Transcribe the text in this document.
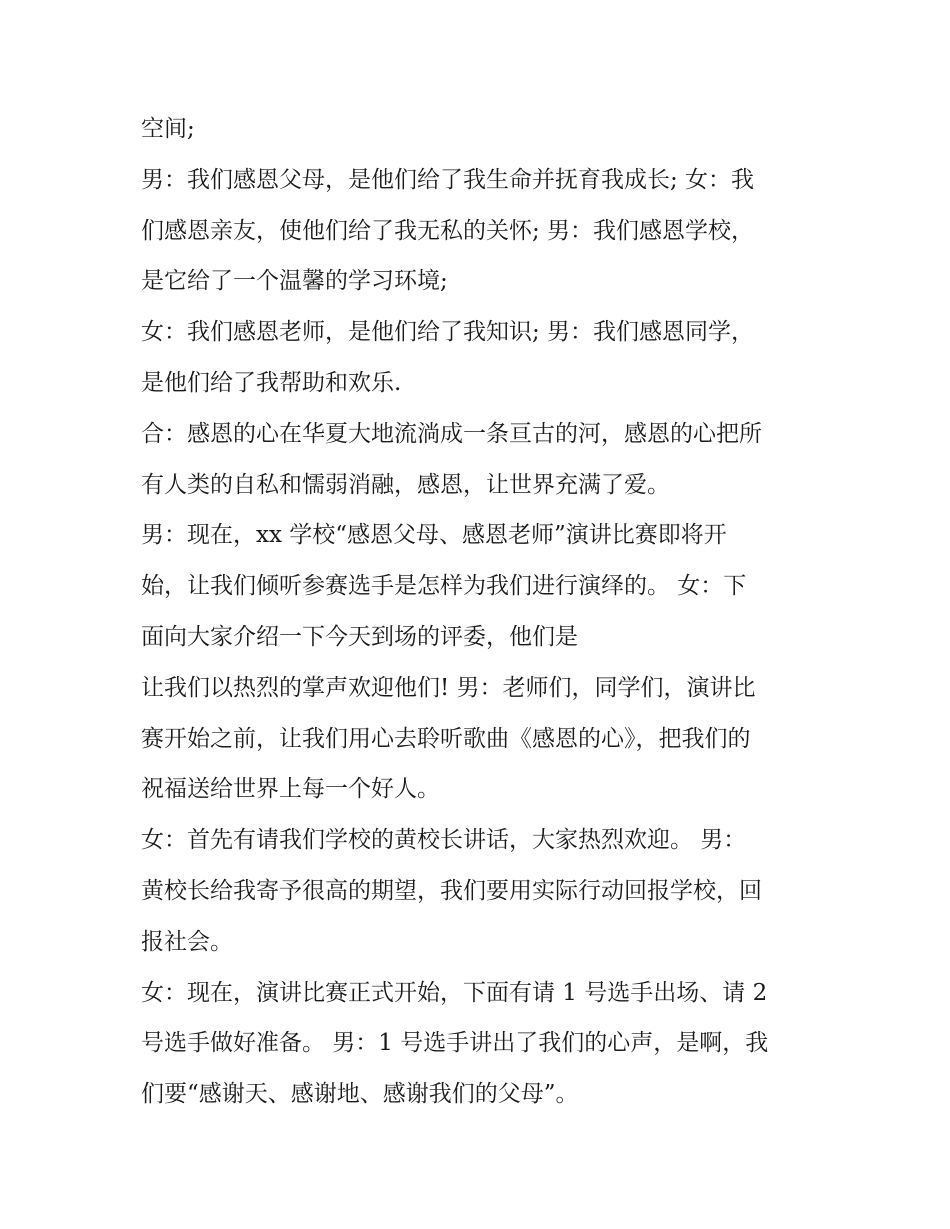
空间;
男：我们感恩父母，是他们给了我生命并抚育我成长; 女：我
们感恩亲友，使他们给了我无私的关怀; 男：我们感恩学校，
是它给了一个温馨的学习环境;
女：我们感恩老师，是他们给了我知识; 男：我们感恩同学，
是他们给了我帮助和欢乐.
合：感恩的心在华夏大地流淌成一条亘古的河，感恩的心把所
有人类的自私和懦弱消融，感恩，让世界充满了爱。
男：现在，xx 学校“感恩父母、感恩老师”演讲比赛即将开
始，让我们倾听参赛选手是怎样为我们进行演绎的。 女：下
面向大家介绍一下今天到场的评委，他们是
让我们以热烈的掌声欢迎他们! 男：老师们，同学们，演讲比
赛开始之前，让我们用心去聆听歌曲《感恩的心》，把我们的
祝福送给世界上每一个好人。
女：首先有请我们学校的黄校长讲话，大家热烈欢迎。 男：
黄校长给我寄予很高的期望，我们要用实际行动回报学校，回
报社会。
女：现在，演讲比赛正式开始，下面有请 1 号选手出场、请 2
号选手做好准备。 男：1 号选手讲出了我们的心声，是啊，我
们要“感谢天、感谢地、感谢我们的父母”。
